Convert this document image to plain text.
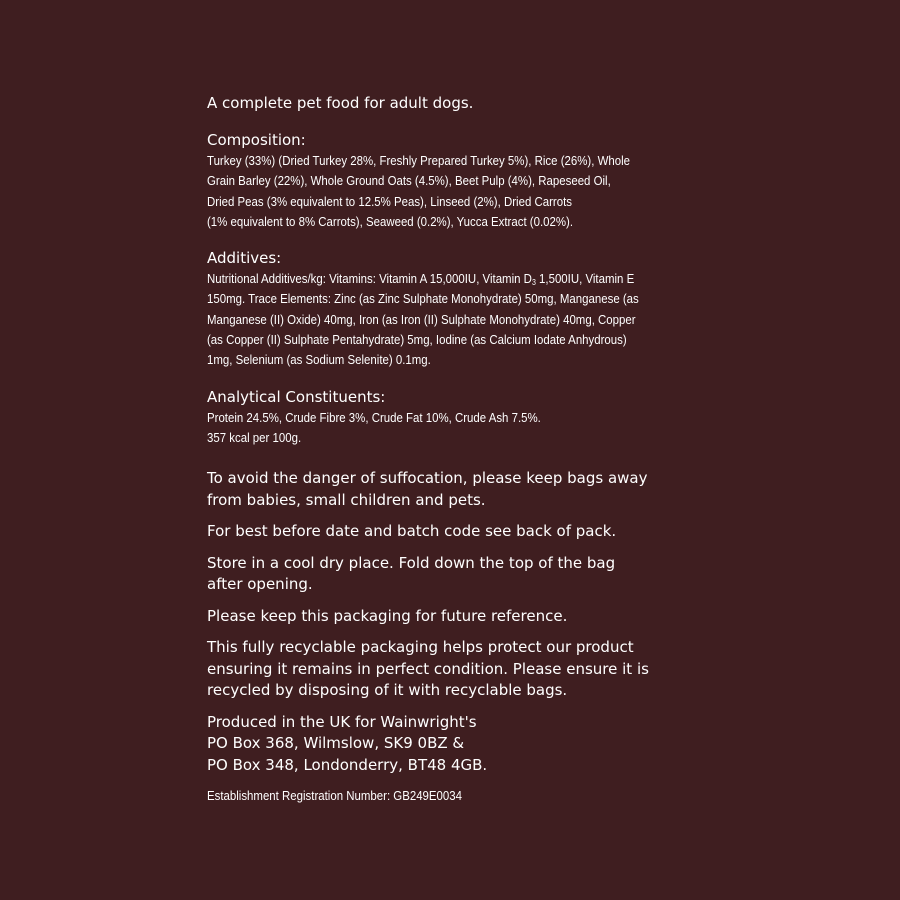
A complete pet food for adult dogs.
Composition:
Turkey (33%) (Dried Turkey 28%, Freshly Prepared Turkey 5%), Rice (26%), Whole
Grain Barley (22%), Whole Ground Oats (4.5%), Beet Pulp (4%), Rapeseed Oil,
Dried Peas (3% equivalent to 12.5% Peas), Linseed (2%), Dried Carrots
(1% equivalent to 8% Carrots), Seaweed (0.2%), Yucca Extract (0.02%).
Additives:
Nutritional Additives/kg: Vitamins: Vitamin A 15,000IU, Vitamin $D_3$ 1,500IU, Vitamin E
150mg. Trace Elements: Zinc (as Zinc Sulphate Monohydrate) 50mg, Manganese (as
Manganese (II) Oxide) 40mg, Iron (as Iron (II) Sulphate Monohydrate) 40mg, Copper
(as Copper (II) Sulphate Pentahydrate) 5mg, Iodine (as Calcium Iodate Anhydrous)
1mg, Selenium (as Sodium Selenite) 0.1mg.
Analytical Constituents:
Protein 24.5%, Crude Fibre 3%, Crude Fat 10%, Crude Ash 7.5%.
357 kcal per 100g.
To avoid the danger of suffocation, please keep bags away
from babies, small children and pets.
For best before date and batch code see back of pack.
Store in a cool dry place. Fold down the top of the bag
after opening.
Please keep this packaging for future reference.
This fully recyclable packaging helps protect our product
ensuring it remains in perfect condition. Please ensure it is
recycled by disposing of it with recyclable bags.
Produced in the UK for Wainwright's
PO Box 368, Wilmslow, SK9 0BZ &
PO Box 348, Londonderry, BT48 4GB.
Establishment Registration Number: GB249E0034
